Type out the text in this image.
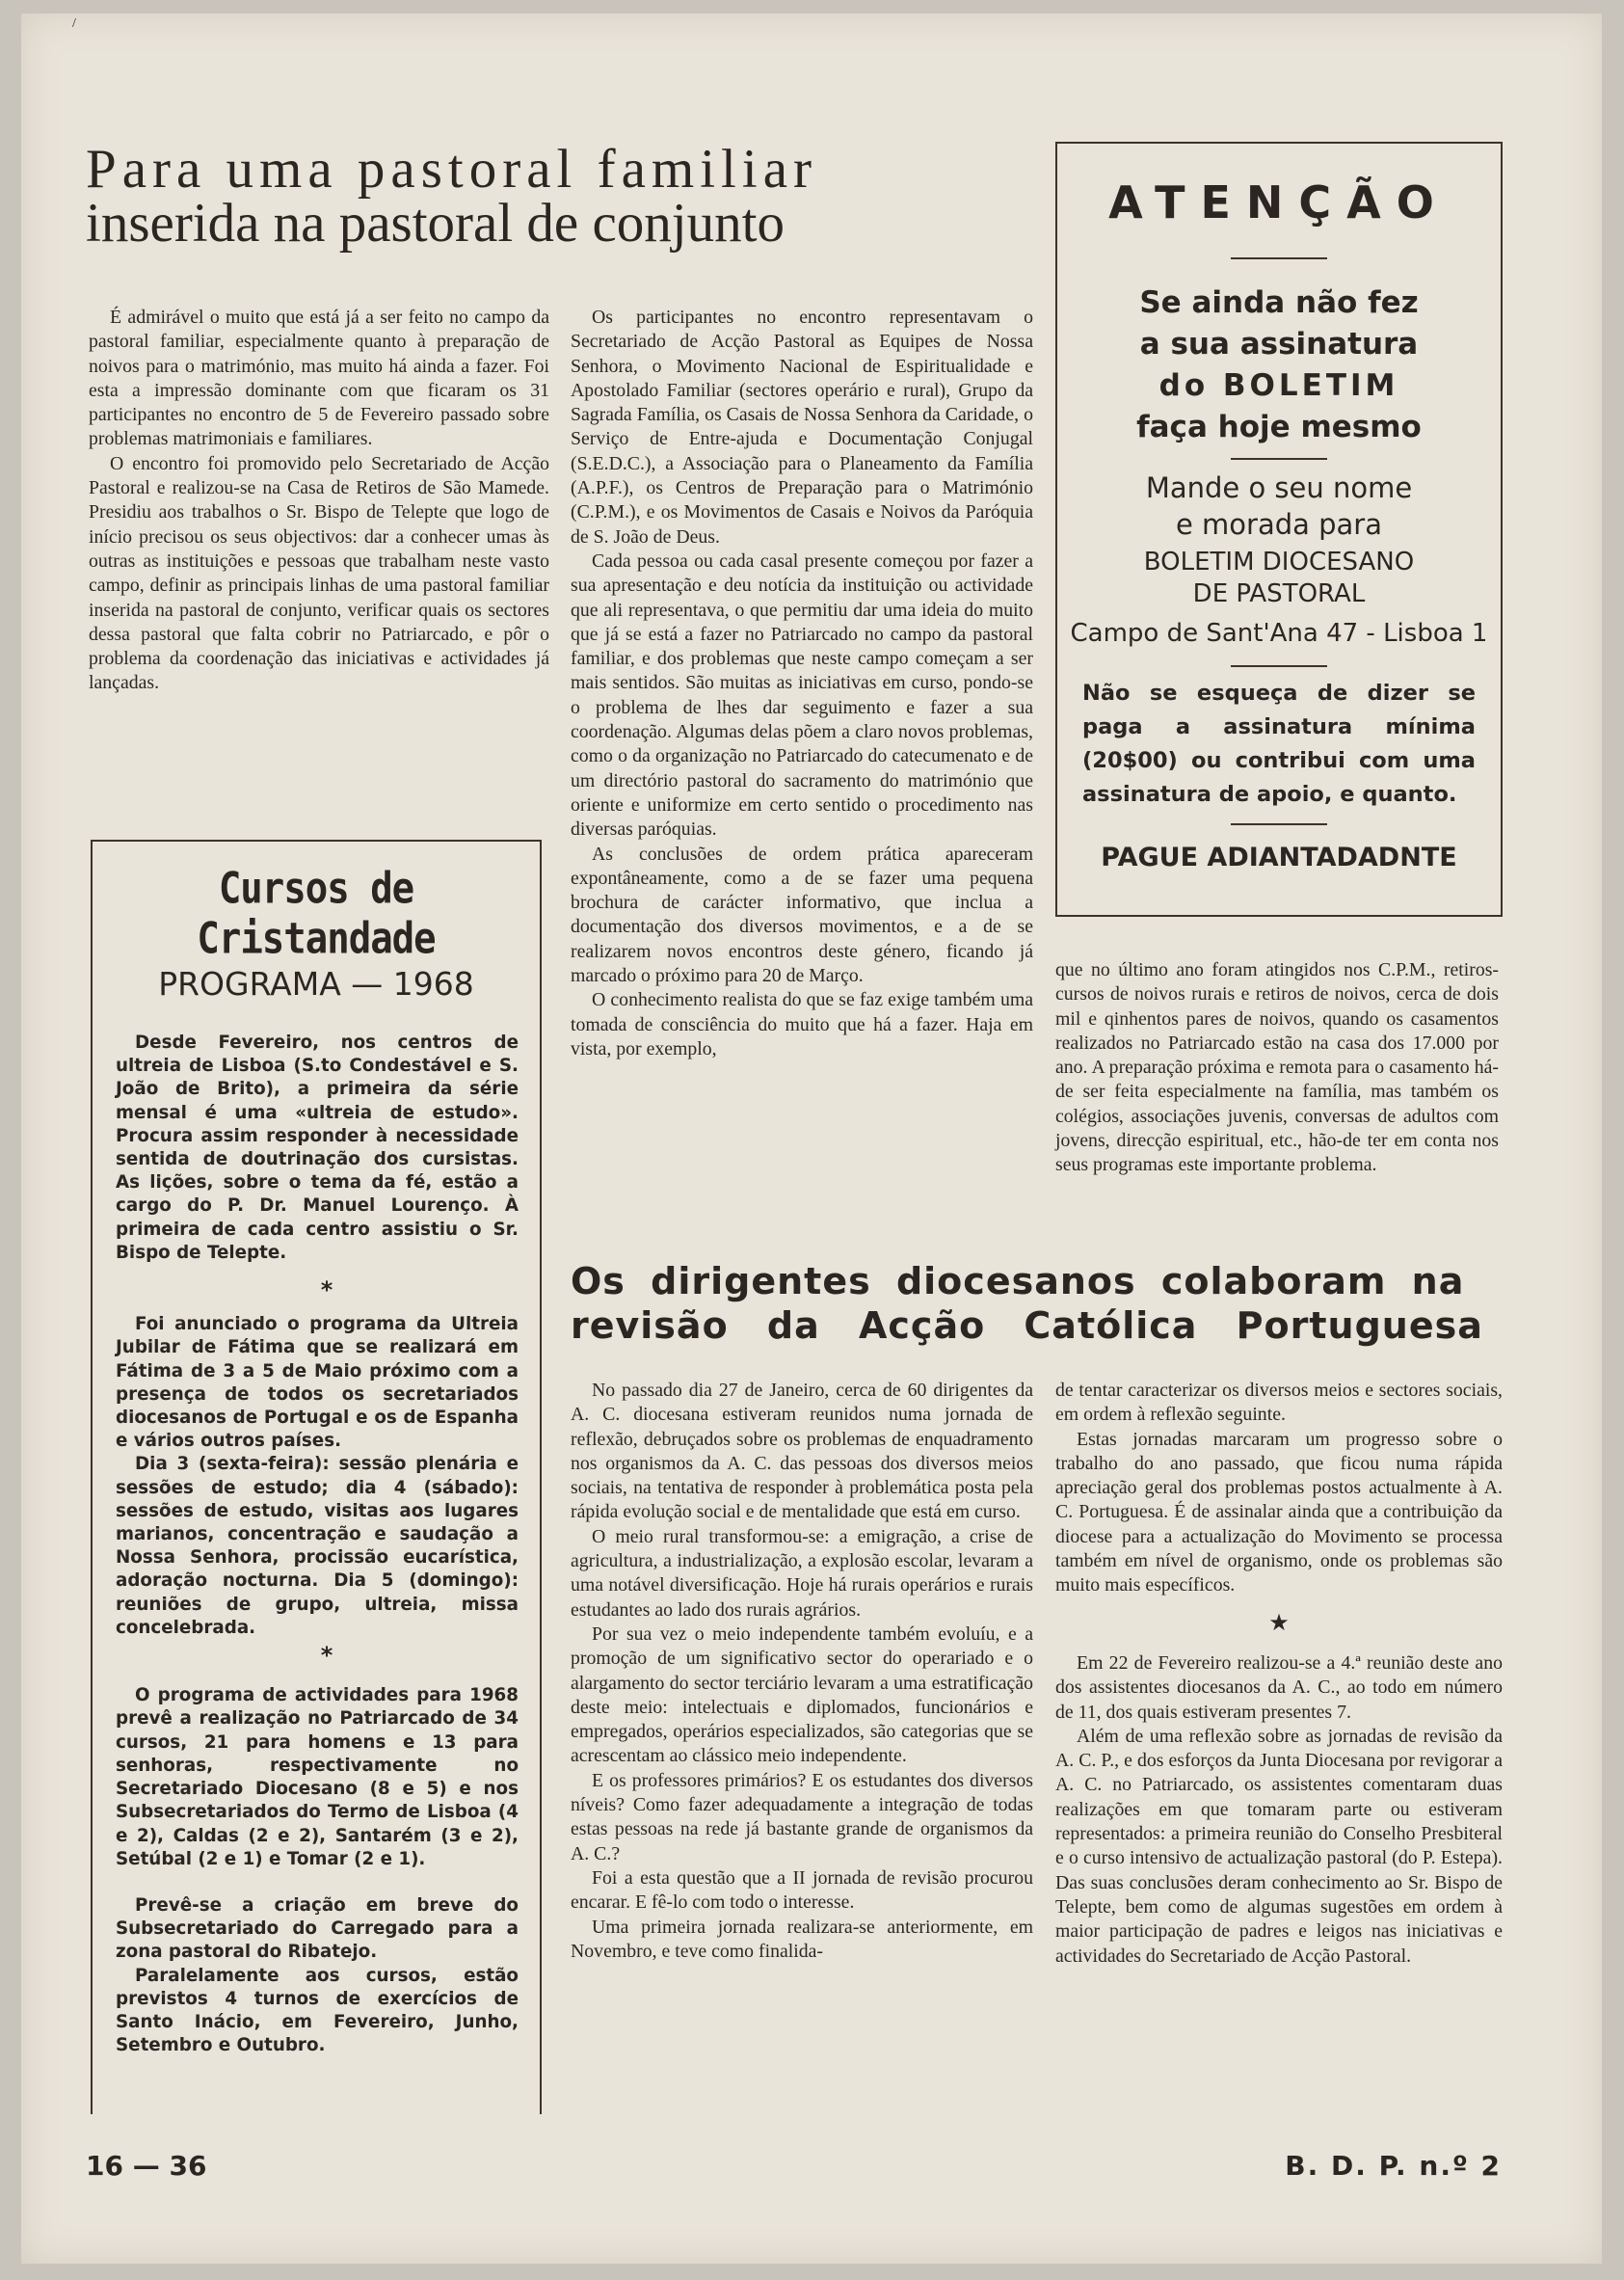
/
Para uma pastoral familiar
inserida na pastoral de conjunto

É admirável o muito que está já a ser feito no campo da pastoral familiar, especialmente quanto à preparação de noivos para o matrimónio, mas muito há ainda a fazer. Foi esta a impressão dominante com que ficaram os 31 participantes no encontro de 5 de Fevereiro passado sobre problemas matrimoniais e familiares.

O encontro foi promovido pelo Secretariado de Acção Pastoral e realizou-se na Casa de Retiros de São Mamede. Presidiu aos trabalhos o Sr. Bispo de Telepte que logo de início precisou os seus objectivos: dar a conhecer umas às outras as instituições e pessoas que trabalham neste vasto campo, definir as principais linhas de uma pastoral familiar inserida na pastoral de conjunto, verificar quais os sectores dessa pastoral que falta cobrir no Patriarcado, e pôr o problema da coordenação das iniciativas e actividades já lançadas.

Os participantes no encontro representavam o Secretariado de Acção Pastoral as Equipes de Nossa Senhora, o Movimento Nacional de Espiritualidade e Apostolado Familiar (sectores operário e rural), Grupo da Sagrada Família, os Casais de Nossa Senhora da Caridade, o Serviço de Entre-ajuda e Documentação Conjugal (S.E.D.C.), a Associação para o Planeamento da Família (A.P.F.), os Centros de Preparação para o Matrimónio (C.P.M.), e os Movimentos de Casais e Noivos da Paróquia de S. João de Deus.

Cada pessoa ou cada casal presente começou por fazer a sua apresentação e deu notícia da instituição ou actividade que ali representava, o que permitiu dar uma ideia do muito que já se está a fazer no Patriarcado no campo da pastoral familiar, e dos problemas que neste campo começam a ser mais sentidos. São muitas as iniciativas em curso, pondo-se o problema de lhes dar seguimento e fazer a sua coordenação. Algumas delas põem a claro novos problemas, como o da organização no Patriarcado do catecumenato e de um directório pastoral do sacramento do matrimónio que oriente e uniformize em certo sentido o procedimento nas diversas paróquias.

As conclusões de ordem prática apareceram expontâneamente, como a de se fazer uma pequena brochura de carácter informativo, que inclua a documentação dos diversos movimentos, e a de se realizarem novos encontros deste género, ficando já marcado o próximo para 20 de Março.

O conhecimento realista do que se faz exige também uma tomada de consciência do muito que há a fazer. Haja em vista, por exemplo,

ATENÇÃO

Se ainda não fez

a sua assinatura

do BOLETIM

faça hoje mesmo

Mande o seu nome

e morada para

BOLETIM DIOCESANO

DE PASTORAL

Campo de Sant'Ana 47 - Lisboa 1

Não se esqueça de dizer se paga a assinatura mínima (20$00) ou contribui com uma assinatura de apoio, e quanto.

PAGUE ADIANTADADNTE

que no último ano foram atingidos nos C.P.M., retiros-cursos de noivos rurais e retiros de noivos, cerca de dois mil e qinhentos pares de noivos, quando os casamentos realizados no Patriarcado estão na casa dos 17.000 por ano. A preparação próxima e remota para o casamento há-de ser feita especialmente na família, mas também os colégios, associações juvenis, conversas de adultos com jovens, direcção espiritual, etc., hão-de ter em conta nos seus programas este importante problema.

Cursos de Cristandade
PROGRAMA — 1968

Desde Fevereiro, nos centros de ultreia de Lisboa (S.to Condestável e S. João de Brito), a primeira da série mensal é uma «ultreia de estudo». Procura assim responder à necessidade sentida de doutrinação dos cursistas. As lições, sobre o tema da fé, estão a cargo do P. Dr. Manuel Lourenço. À primeira de cada centro assistiu o Sr. Bispo de Telepte.

*

Foi anunciado o programa da Ultreia Jubilar de Fátima que se realizará em Fátima de 3 a 5 de Maio próximo com a presença de todos os secretariados diocesanos de Portugal e os de Espanha e vários outros países.

Dia 3 (sexta-feira): sessão plenária e sessões de estudo; dia 4 (sábado): sessões de estudo, visitas aos lugares marianos, concentração e saudação a Nossa Senhora, procissão eucarística, adoração nocturna. Dia 5 (domingo): reuniões de grupo, ultreia, missa concelebrada.

*

O programa de actividades para 1968 prevê a realização no Patriarcado de 34 cursos, 21 para homens e 13 para senhoras, respectivamente no Secretariado Diocesano (8 e 5) e nos Subsecretariados do Termo de Lisboa (4 e 2), Caldas (2 e 2), Santarém (3 e 2), Setúbal (2 e 1) e Tomar (2 e 1).

Prevê-se a criação em breve do Subsecretariado do Carregado para a zona pastoral do Ribatejo.

Paralelamente aos cursos, estão previstos 4 turnos de exercícios de Santo Inácio, em Fevereiro, Junho, Setembro e Outubro.

Os dirigentes diocesanos colaboram na
revisão da Acção Católica Portuguesa

No passado dia 27 de Janeiro, cerca de 60 dirigentes da A. C. diocesana estiveram reunidos numa jornada de reflexão, debruçados sobre os problemas de enquadramento nos organismos da A. C. das pessoas dos diversos meios sociais, na tentativa de responder à problemática posta pela rápida evolução social e de mentalidade que está em curso.

O meio rural transformou-se: a emigração, a crise de agricultura, a industrialização, a explosão escolar, levaram a uma notável diversificação. Hoje há rurais operários e rurais estudantes ao lado dos rurais agrários.

Por sua vez o meio independente também evoluíu, e a promoção de um significativo sector do operariado e o alargamento do sector terciário levaram a uma estratificação deste meio: intelectuais e diplomados, funcionários e empregados, operários especializados, são categorias que se acrescentam ao clássico meio independente.

E os professores primários? E os estudantes dos diversos níveis? Como fazer adequadamente a integração de todas estas pessoas na rede já bastante grande de organismos da A. C.?

Foi a esta questão que a II jornada de revisão procurou encarar. E fê-lo com todo o interesse.

Uma primeira jornada realizara-se anteriormente, em Novembro, e teve como finalida-

de tentar caracterizar os diversos meios e sectores sociais, em ordem à reflexão seguinte.

Estas jornadas marcaram um progresso sobre o trabalho do ano passado, que ficou numa rápida apreciação geral dos problemas postos actualmente à A. C. Portuguesa. É de assinalar ainda que a contribuição da diocese para a actualização do Movimento se processa também em nível de organismo, onde os problemas são muito mais específicos.

★

Em 22 de Fevereiro realizou-se a 4.ª reunião deste ano dos assistentes diocesanos da A. C., ao todo em número de 11, dos quais estiveram presentes 7.

Além de uma reflexão sobre as jornadas de revisão da A. C. P., e dos esforços da Junta Diocesana por revigorar a A. C. no Patriarcado, os assistentes comentaram duas realizações em que tomaram parte ou estiveram representados: a primeira reunião do Conselho Presbiteral e o curso intensivo de actualização pastoral (do P. Estepa). Das suas conclusões deram conhecimento ao Sr. Bispo de Telepte, bem como de algumas sugestões em ordem à maior participação de padres e leigos nas iniciativas e actividades do Secretariado de Acção Pastoral.

16 — 36	B. D. P. n.º 2
